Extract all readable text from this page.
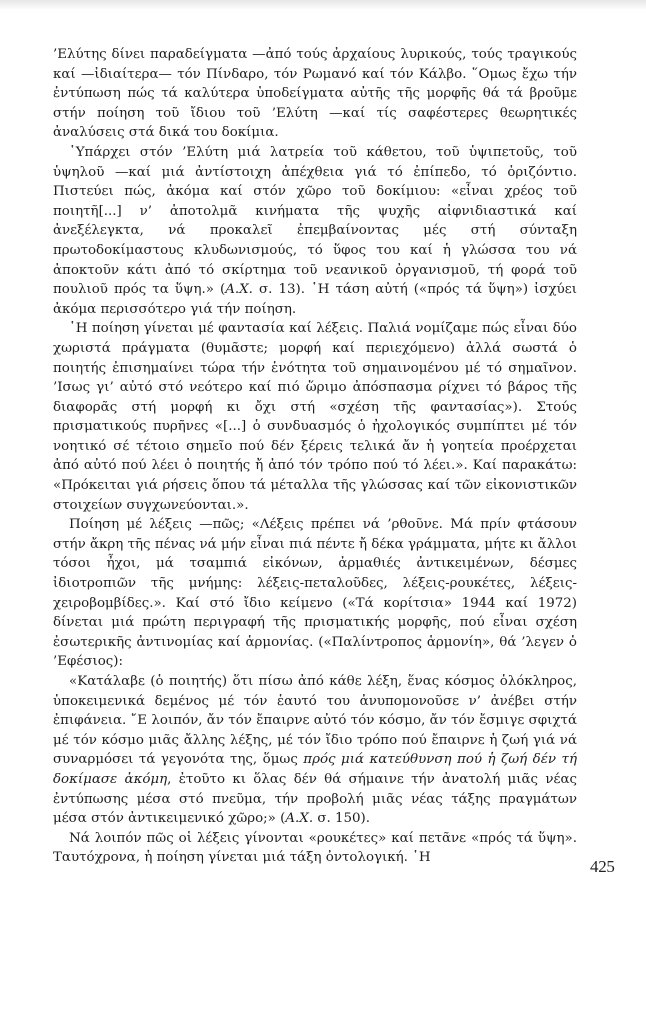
’Ελύτης δίνει παραδείγματα —ἀπό τούς ἀρχαίους λυρικούς, τούς τραγικούς καί —ἰδιαίτερα— τόν Πίνδαρο, τόν Ρωμανό καί τόν Κάλβο. ῞Ομως ἔχω τήν ἐντύπωση πώς τά καλύτερα ὑποδείγματα αὐτῆς τῆς μορφῆς θά τά βροῦμε στήν ποίηση τοῦ ἴδιου τοῦ ’Ελύτη —καί τίς σαφέστερες θεωρητικές ἀναλύσεις στά δικά του δοκίμια.

῾Υπάρχει στόν ’Ελύτη μιά λατρεία τοῦ κάθετου, τοῦ ὑψιπετοῦς, τοῦ ὑψηλοῦ —καί μιά ἀντίστοιχη ἀπέχθεια γιά τό ἐπίπεδο, τό ὁριζόντιο. Πιστεύει πώς, ἀκόμα καί στόν χῶρο τοῦ δοκίμιου: «εἶναι χρέος τοῦ ποιητῆ[...] ν’ ἀποτολμᾶ κινήματα τῆς ψυχῆς αἰφνιδιαστικά καί ἀνεξέλεγκτα, νά προκαλεῖ ἐπεμβαίνοντας μές στή σύνταξη πρωτοδοκίμαστους κλυδωνισμούς, τό ὕφος του καί ἡ γλώσσα του νά ἀποκτοῦν κάτι ἀπό τό σκίρτημα τοῦ νεανικοῦ ὀργανισμοῦ, τή φορά τοῦ πουλιοῦ πρός τα ὕψη.» (Α.Χ. σ. 13). ῾Η τάση αὐτή («πρός τά ὕψη») ἰσχύει ἀκόμα περισσότερο γιά τήν ποίηση.

῾Η ποίηση γίνεται μέ φαντασία καί λέξεις. Παλιά νομίζαμε πώς εἶναι δύο χωριστά πράγματα (θυμᾶστε; μορφή καί περιεχόμενο) ἀλλά σωστά ὁ ποιητής ἐπισημαίνει τώρα τήν ἑνότητα τοῦ σημαινομένου μέ τό σημαῖνον. ’Ισως γι’ αὐτό στό νεότερο καί πιό ὥριμο ἀπόσπασμα ρίχνει τό βάρος τῆς διαφορᾶς στή μορφή κι ὄχι στή «σχέση τῆς φαντασίας»). Στούς πρισματικούς πυρῆνες «[...] ὁ συνδυασμός ὁ ἠχολογικός συμπίπτει μέ τόν νοητικό σέ τέτοιο σημεῖο πού δέν ξέρεις τελικά ἄν ἡ γοητεία προέρχεται ἀπό αὐτό πού λέει ὁ ποιητής ἤ ἀπό τόν τρόπο πού τό λέει.». Καί παρακάτω: «Πρόκειται γιά ρήσεις ὅπου τά μέταλλα τῆς γλώσσας καί τῶν εἰκονιστικῶν στοιχείων συγχωνεύονται.».

Ποίηση μέ λέξεις —πῶς; «Λέξεις πρέπει νά ’ρθοῦνε. Μά πρίν φτάσουν στήν ἄκρη τῆς πένας νά μήν εἶναι πιά πέντε ἤ δέκα γράμματα, μήτε κι ἄλλοι τόσοι ἦχοι, μά τσαμπιά εἰκόνων, ἀρμαθιές ἀντικειμένων, δέσμες ἰδιοτροπιῶν τῆς μνήμης: λέξεις-πεταλοῦδες, λέξεις-ρουκέτες, λέξεις-χειροβομβίδες.». Καί στό ἴδιο κείμενο («Τά κορίτσια» 1944 καί 1972) δίνεται μιά πρώτη περιγραφή τῆς πρισματικής μορφῆς, πού εἶναι σχέση ἐσωτερικῆς ἀντινομίας καί ἁρμονίας. («Παλίντροπος ἁρμονίη», θά ’λεγεν ὁ ’Εφέσιος):

«Κατάλαβε (ὁ ποιητής) ὅτι πίσω ἀπό κάθε λέξη, ἕνας κόσμος ὁλόκληρος, ὑποκειμενικά δεμένος μέ τόν ἑαυτό του ἀνυπομονοῦσε ν’ ἀνέβει στήν ἐπιφάνεια. ῎Ε λοιπόν, ἄν τόν ἔπαιρνε αὐτό τόν κόσμο, ἄν τόν ἔσμιγε σφιχτά μέ τόν κόσμο μιᾶς ἄλλης λέξης, μέ τόν ἴδιο τρόπο πού ἔπαιρνε ἡ ζωή γιά νά συναρμόσει τά γεγονότα της, ὅμως πρός μιά κατεύθυνση πού ἡ ζωή δέν τή δοκίμασε ἀκόμη, ἐτοῦτο κι ὅλας δέν θά σήμαινε τήν ἀνατολή μιᾶς νέας ἐντύπωσης μέσα στό πνεῦμα, τήν προβολή μιᾶς νέας τάξης πραγμάτων μέσα στόν ἀντικειμενικό χῶρο;» (Α.Χ. σ. 150).

Νά λοιπόν πῶς οἱ λέξεις γίνονται «ρουκέτες» καί πετᾶνε «πρός τά ὕψη». Ταυτόχρονα, ἡ ποίηση γίνεται μιά τάξη ὀντολογική. ῾Η	425
